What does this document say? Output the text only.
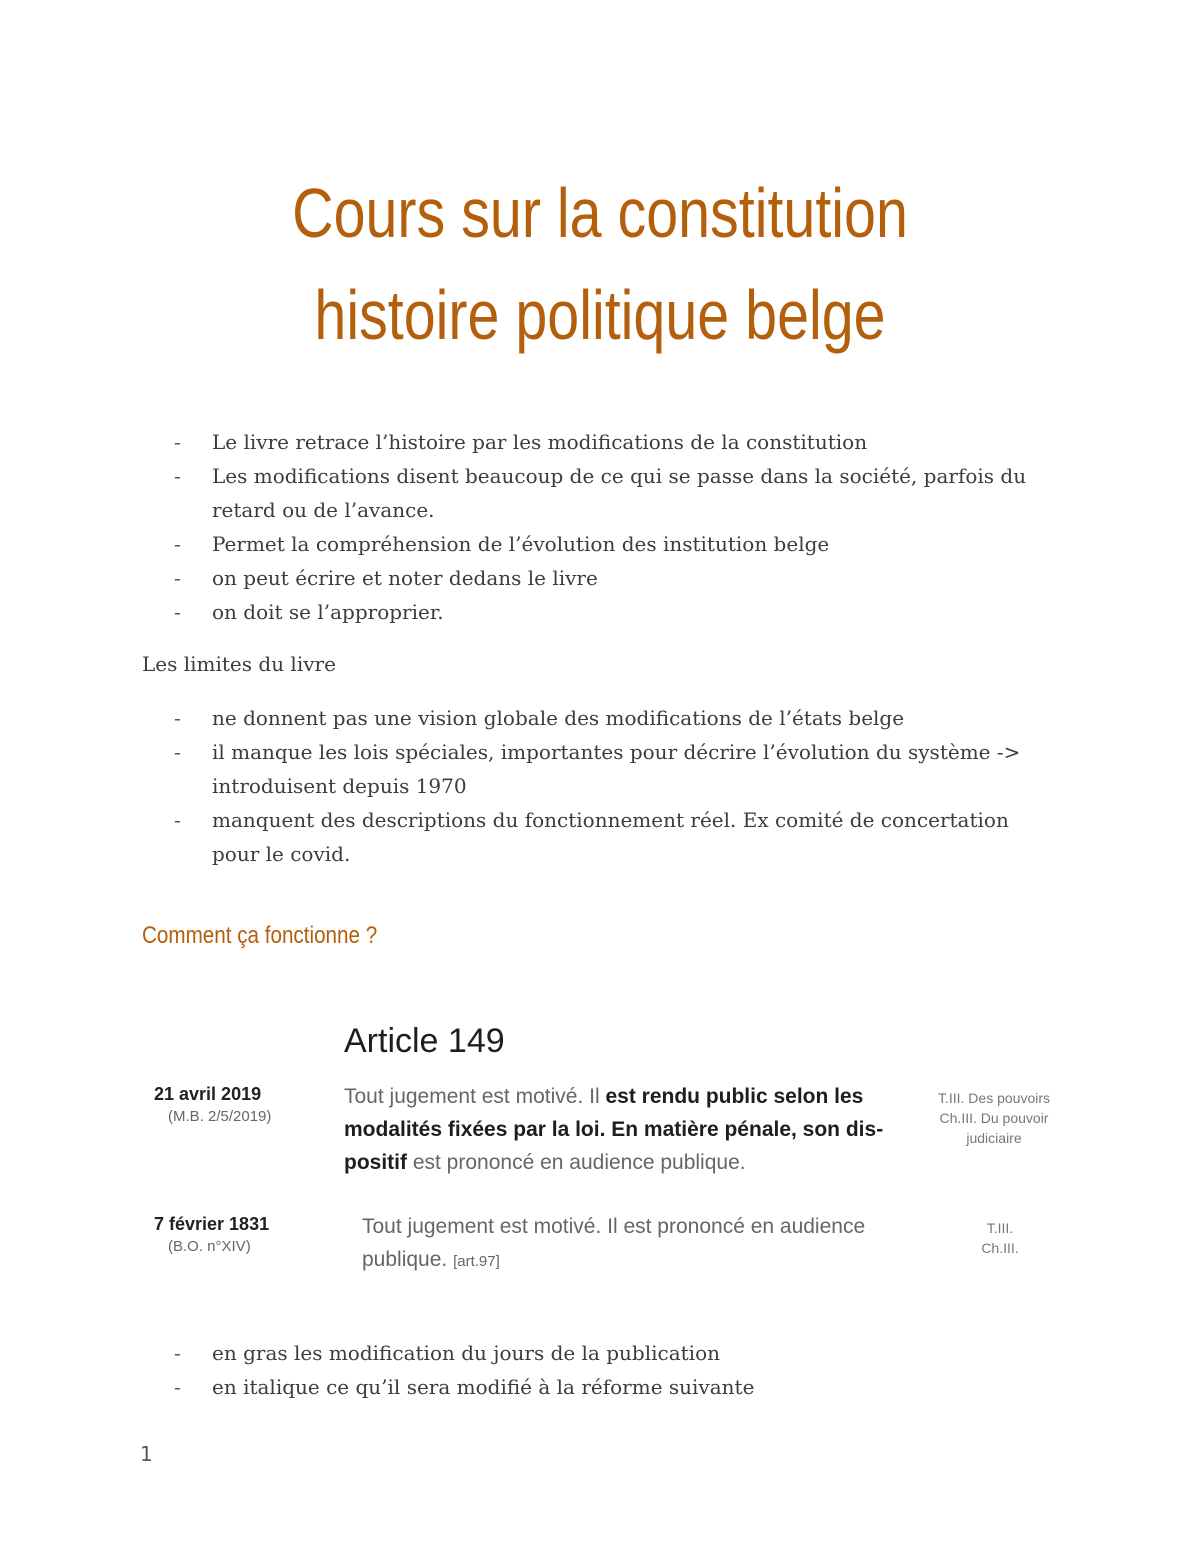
Cours sur la constitution
histoire politique belge
- Le livre retrace l’histoire par les modifications de la constitution
- Les modifications disent beaucoup de ce qui se passe dans la société, parfois du retard ou de l’avance.
- Permet la compréhension de l’évolution des institution belge
- on peut écrire et noter dedans le livre
- on doit se l’approprier.

Les limites du livre

- ne donnent pas une vision globale des modifications de l’états belge
- il manque les lois spéciales, importantes pour décrire l’évolution du système -> introduisent depuis 1970
- manquent des descriptions du fonctionnement réel. Ex comité de concertation pour le covid.
Comment ça fonctionne ?

Article 149

21 avril 2019
(M.B. 2/5/2019)
Tout jugement est motivé. Il est rendu public selon les modalités fixées par la loi. En matière pénale, son dis-positif est prononcé en audience publique.
T.III. Des pouvoirs
Ch.III. Du pouvoir
judiciaire
7 février 1831
(B.O. n°XIV)
Tout jugement est motivé. Il est prononcé en audience publique. [art.97]
T.III.
Ch.III.
- en gras les modification du jours de la publication
- en italique ce qu’il sera modifié à la réforme suivante
1
